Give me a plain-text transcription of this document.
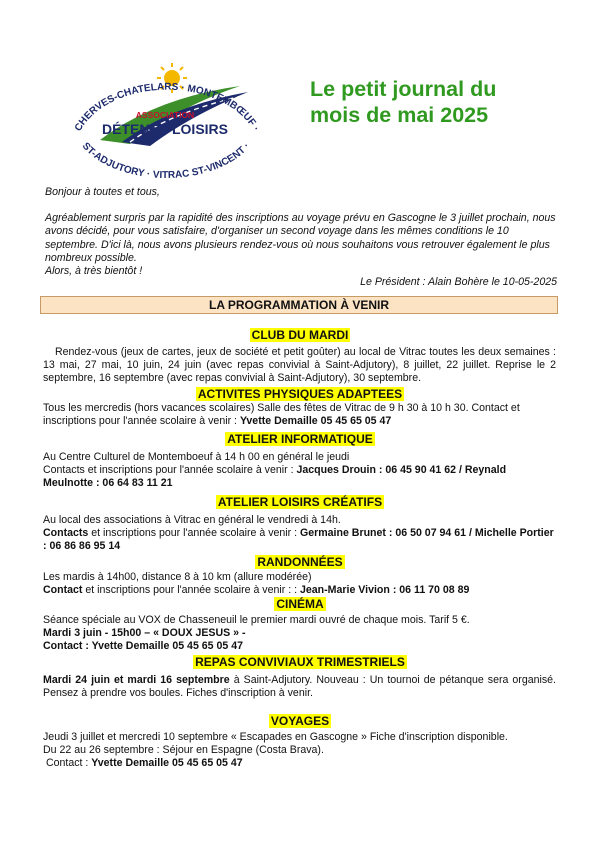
CHERVES-CHATELARS · MONTEMBŒUF ·
ST-ADJUTORY · VITRAC ST-VINCENT ·
ASSOCIATION
DÉTENTE-LOISIRS
Le petit journal du
mois de mai 2025

Bonjour à toutes et tous,

Agréablement surpris par la rapidité des inscriptions au voyage prévu en Gascogne le 3 juillet prochain, nous avons décidé, pour vous satisfaire, d'organiser un second voyage dans les mêmes conditions le 10 septembre. D'ici là, nous avons plusieurs rendez-vous où nous souhaitons vous retrouver également le plus nombreux possible.

Alors, à très bientôt !

Le Président : Alain Bohère le 10-05-2025
LA PROGRAMMATION À VENIR
CLUB DU MARDI
Rendez-vous (jeux de cartes, jeux de société et petit goûter) au local de Vitrac toutes les deux semaines : 13 mai, 27 mai, 10 juin, 24 juin (avec repas convivial à Saint-Adjutory), 8 juillet, 22 juillet. Reprise le 2 septembre, 16 septembre (avec repas convivial à Saint-Adjutory), 30 septembre.
ACTIVITES PHYSIQUES ADAPTEES
Tous les mercredis (hors vacances scolaires) Salle des fêtes de Vitrac de 9 h 30 à 10 h 30. Contact et inscriptions pour l'année scolaire à venir : Yvette Demaille 05 45 65 05 47
ATELIER INFORMATIQUE

Au Centre Culturel de Montemboeuf à 14 h 00 en général le jeudi

Contacts et inscriptions pour l'année scolaire à venir : Jacques Drouin : 06 45 90 41 62 / Reynald Meulnotte : 06 64 83 11 21

ATELIER LOISIRS CRÉATIFS

Au local des associations à Vitrac en général le vendredi à 14h.

Contacts et inscriptions pour l'année scolaire à venir : Germaine Brunet : 06 50 07 94 61 / Michelle Portier : 06 86 86 95 14

RANDONNÉES

Les mardis à 14h00, distance 8 à 10 km (allure modérée)

Contact et inscriptions pour l'année scolaire à venir : : Jean-Marie Vivion : 06 11 70 08 89

CINÉMA

Séance spéciale au VOX de Chasseneuil le premier mardi ouvré de chaque mois. Tarif 5 €.

Mardi 3 juin - 15h00 – « DOUX JESUS » -

Contact : Yvette Demaille 05 45 65 05 47

REPAS CONVIVIAUX TRIMESTRIELS
Mardi 24 juin et mardi 16 septembre à Saint-Adjutory. Nouveau : Un tournoi de pétanque sera organisé. Pensez à prendre vos boules. Fiches d'inscription à venir.
VOYAGES

Jeudi 3 juillet et mercredi 10 septembre « Escapades en Gascogne » Fiche d'inscription disponible.

Du 22 au 26 septembre : Séjour en Espagne (Costa Brava).

Contact : Yvette Demaille 05 45 65 05 47
